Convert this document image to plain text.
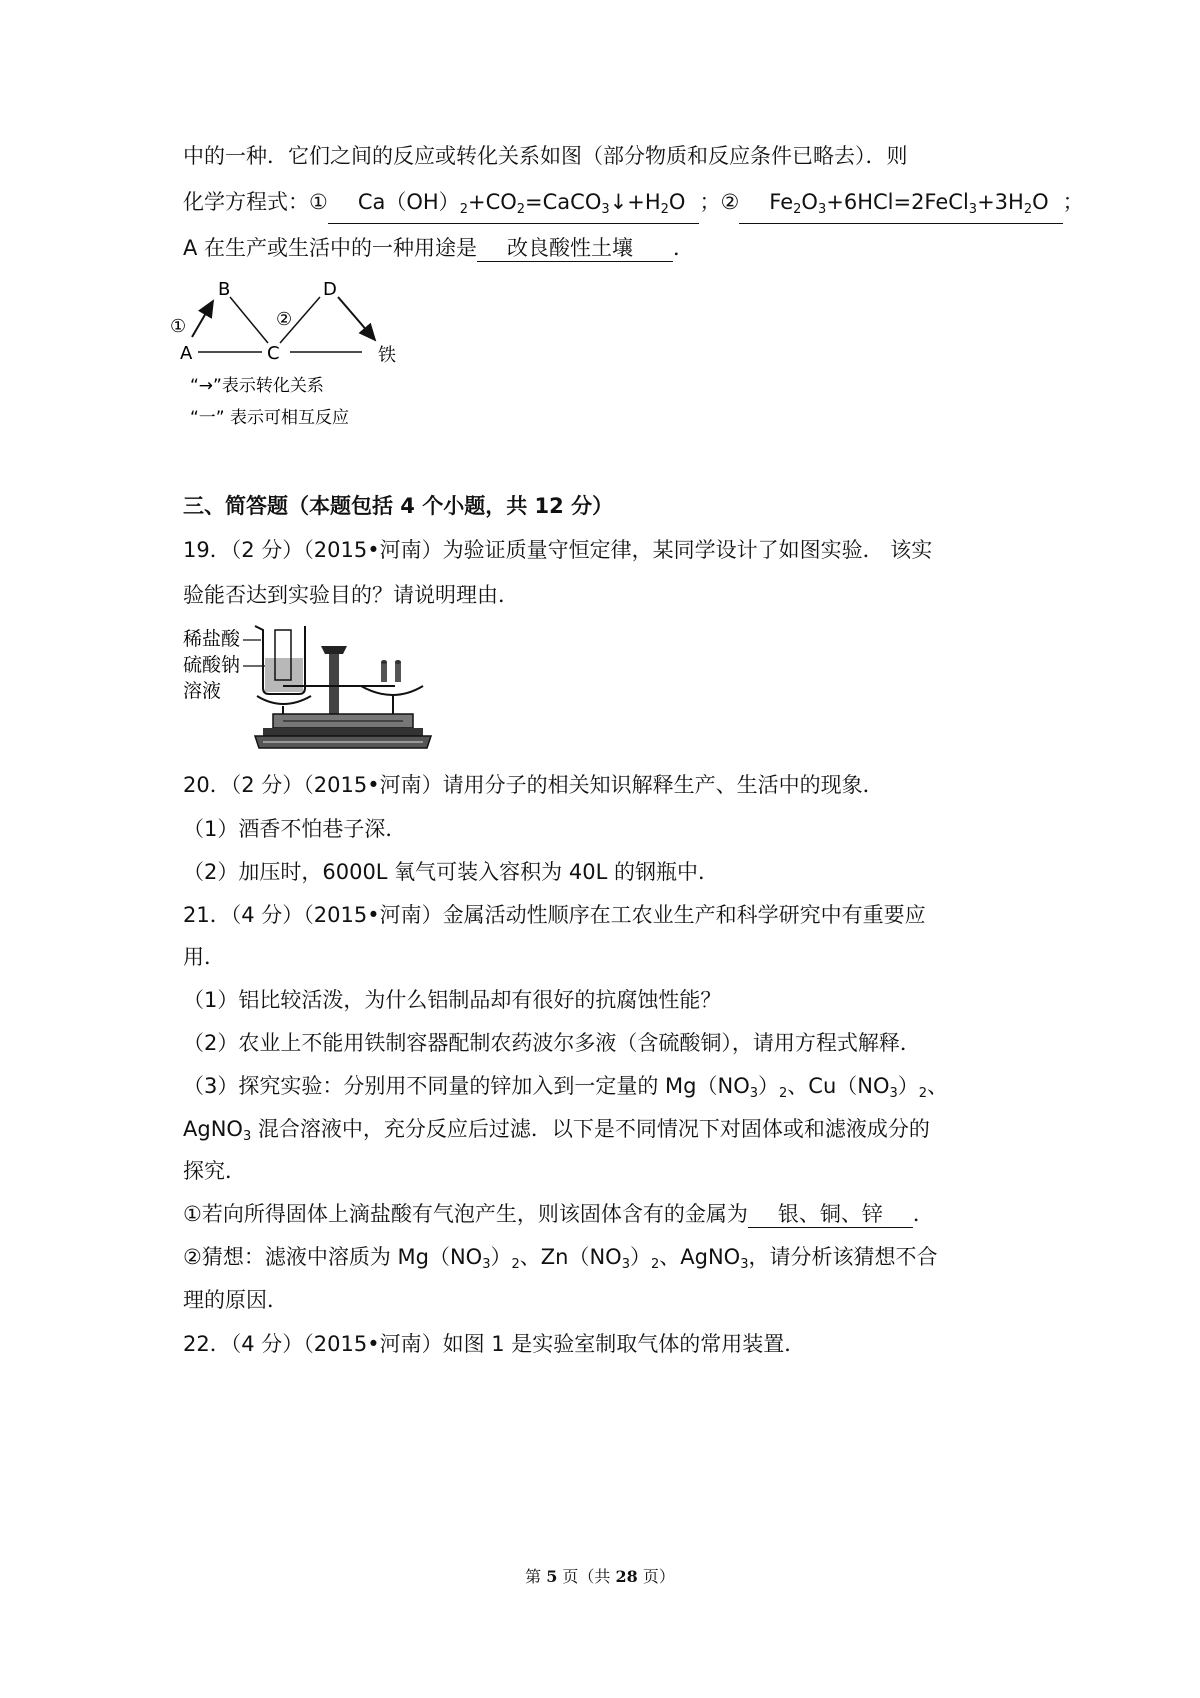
中的一种．它们之间的反应或转化关系如图（部分物质和反应条件已略去）．则
化学方程式：① $Ca(OH)_2+CO_2=CaCO_3↓+H_2O$ ；② $Fe_2O_3+6HCl=2FeCl_3+3H_2O$ ；
A 在生产或生活中的一种用途是 改良酸性土壤 ．
A
B
C
D
铁
①	②
“→”表示转化关系
“一” 表示可相互反应
三、简答题（本题包括 4 个小题，共 12 分）
19．（2 分）（2015•河南）为验证质量守恒定律，某同学设计了如图实验． 该实
验能否达到实验目的？请说明理由．
稀盐酸
硫酸钠
溶液
20．（2 分）（2015•河南）请用分子的相关知识解释生产、生活中的现象．
（1）酒香不怕巷子深．
（2）加压时，6000L 氧气可装入容积为 40L 的钢瓶中．
21．（4 分）（2015•河南）金属活动性顺序在工农业生产和科学研究中有重要应
用．
（1）铝比较活泼，为什么铝制品却有很好的抗腐蚀性能？
（2）农业上不能用铁制容器配制农药波尔多液（含硫酸铜），请用方程式解释．
（3）探究实验：分别用不同量的锌加入到一定量的 $Mg(NO_3)_2$、$Cu(NO_3)_2$、
AgNO$_3$ 混合溶液中，充分反应后过滤．以下是不同情况下对固体或和滤液成分的
探究．
①若向所得固体上滴盐酸有气泡产生，则该固体含有的金属为 银、铜、锌 ．
②猜想：滤液中溶质为 $Mg(NO_3)_2$、$Zn(NO_3)_2$、AgNO$_3$，请分析该猜想不合
理的原因．
22．（4 分）（2015•河南）如图 1 是实验室制取气体的常用装置．
第 5 页（共 28 页）
